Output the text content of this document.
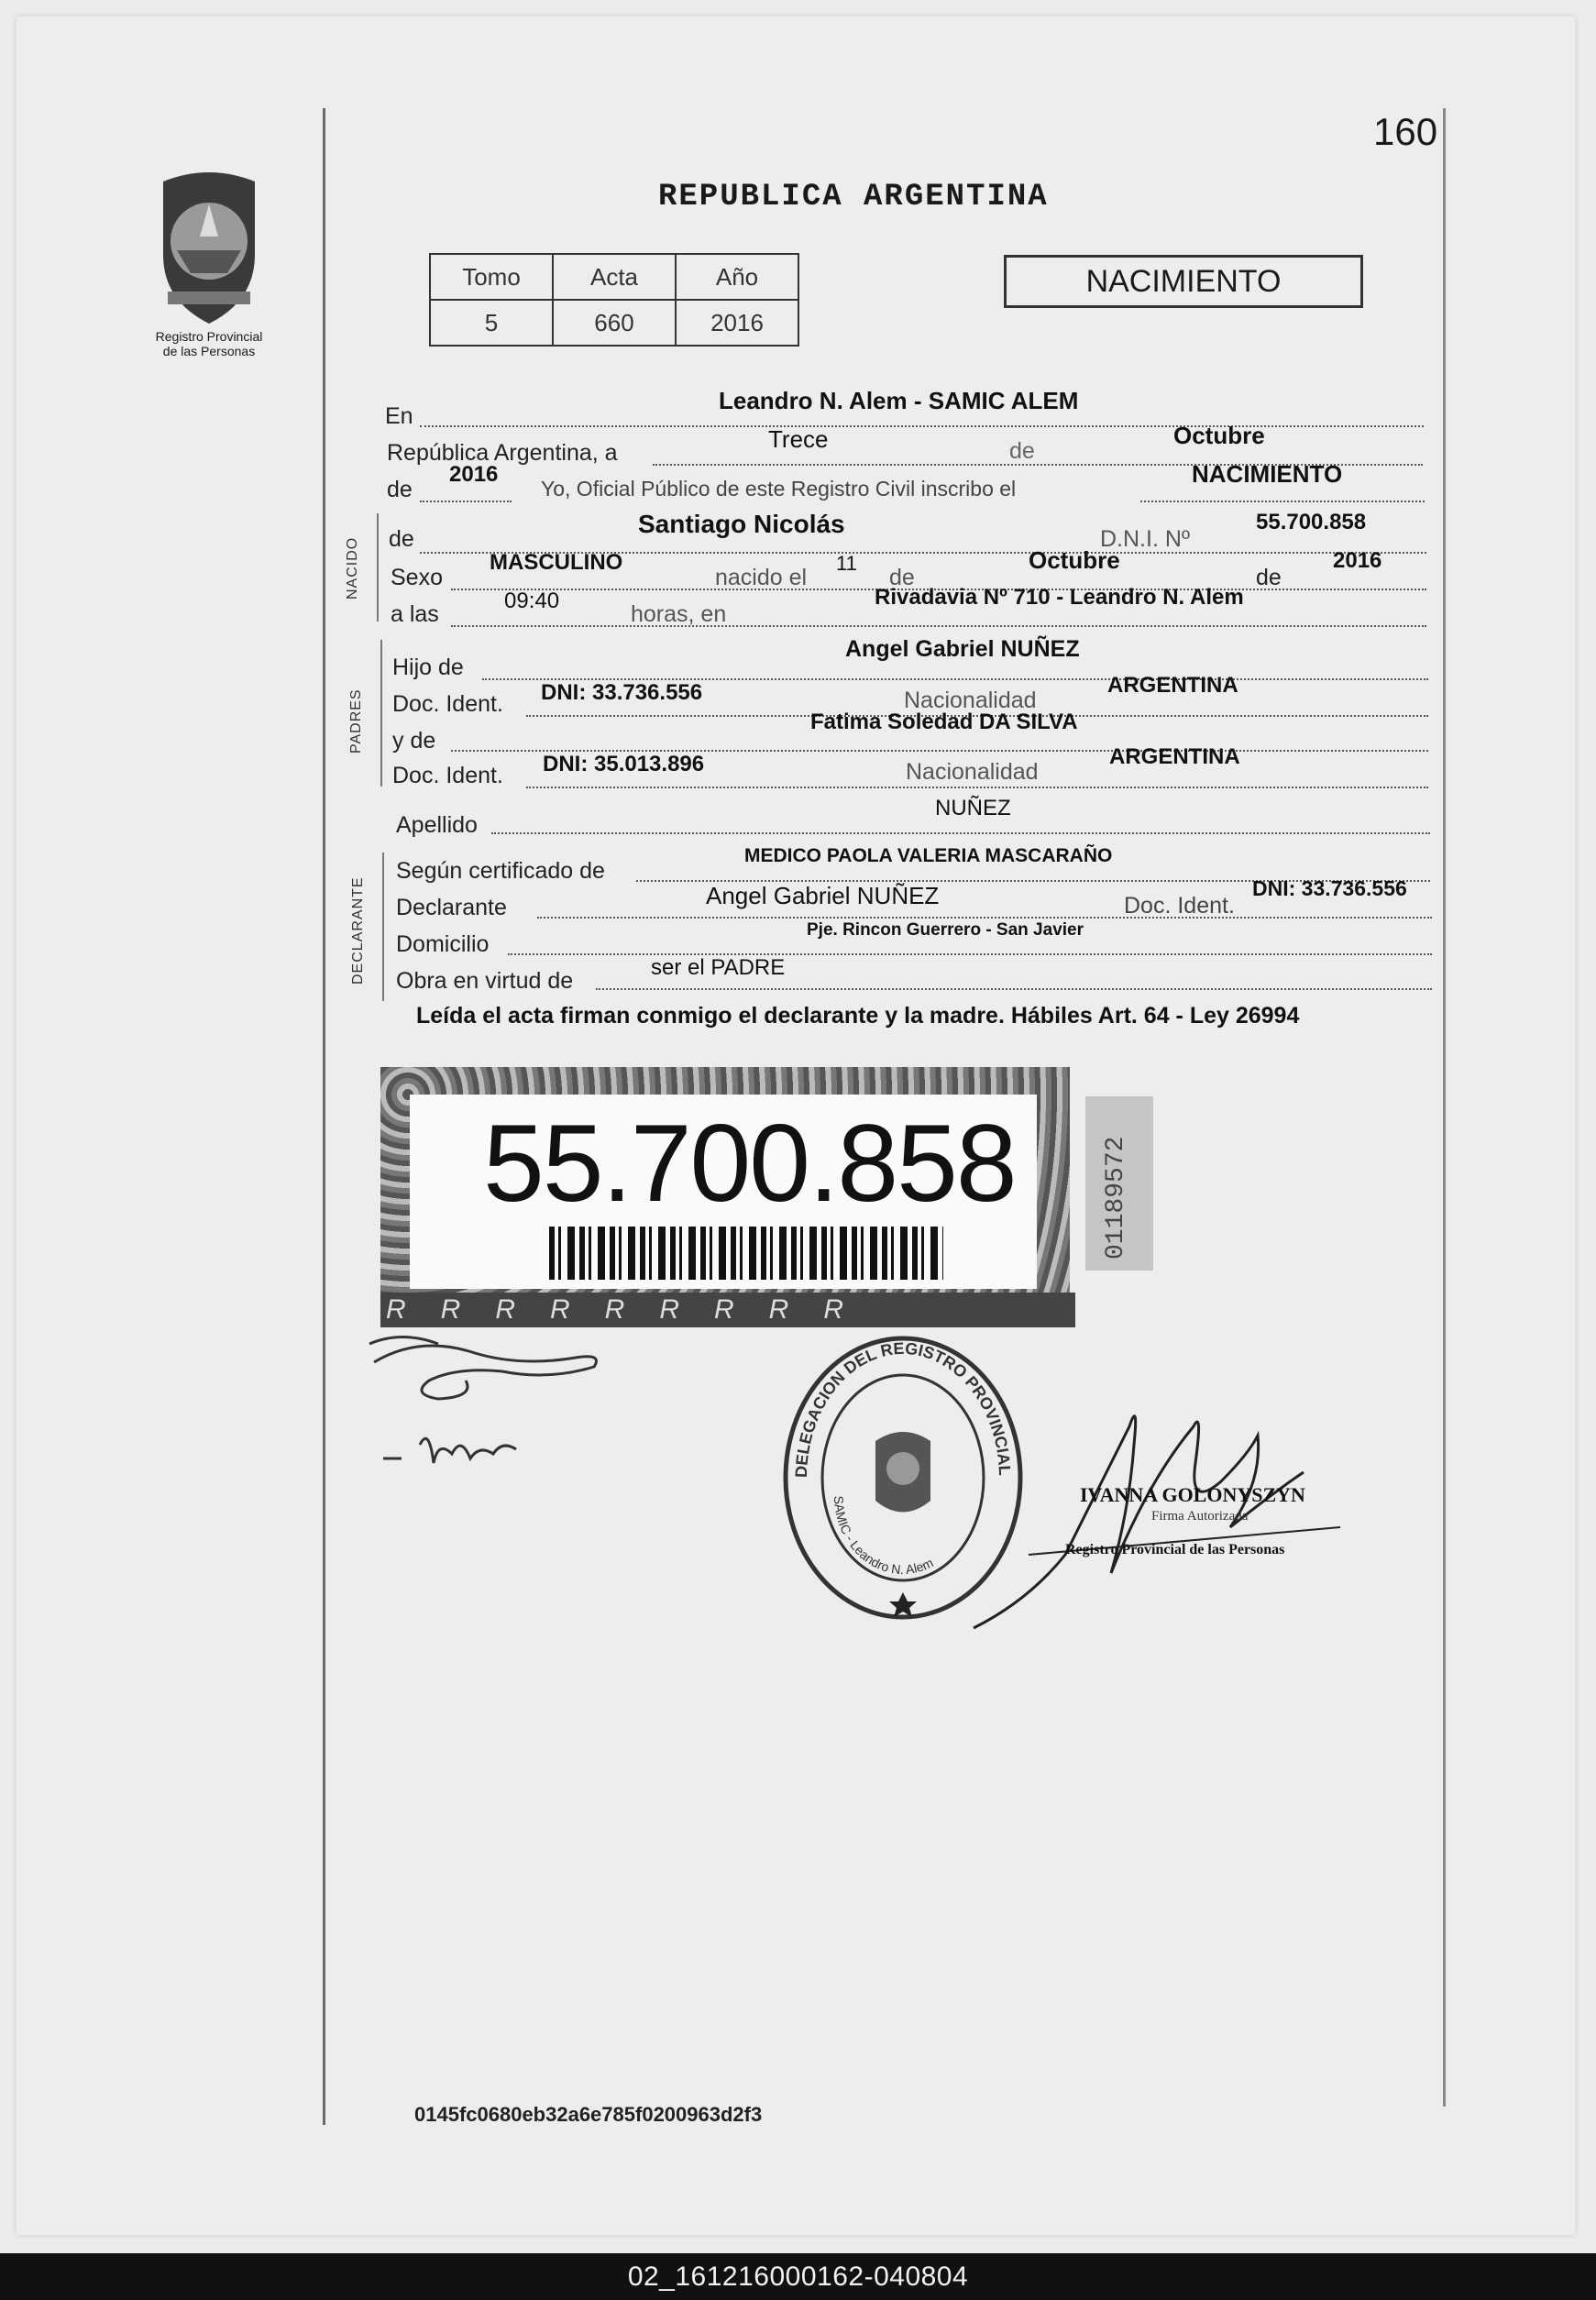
160
Registro Provincial
de las Personas
REPUBLICA ARGENTINA
Tomo	Acta	Año
5	660	2016
NACIMIENTO
En
Leandro N. Alem - SAMIC ALEM
República Argentina, a	Trece	de
Octubre
de
2016
Yo, Oficial Público de este Registro Civil inscribo el
NACIMIENTO
NACIDO de
Santiago Nicolás
D.N.I. Nº
55.700.858
Sexo
MASCULINO
nacido el
11
de
Octubre
de
2016
a las
09:40
horas, en
Rivadavia Nº 710 - Leandro N. Alem
PADRES
Hijo de
Angel Gabriel NUÑEZ
Doc. Ident. DNI: 33.736.556	Nacionalidad
ARGENTINA
y de
Fatima Soledad DA SILVA
Doc. Ident. DNI: 35.013.896	Nacionalidad
ARGENTINA
Apellido
NUÑEZ
DECLARANTE
Según certificado de
MEDICO PAOLA VALERIA MASCARAÑO
Declarante	Angel Gabriel NUÑEZ	Doc. Ident.
DNI: 33.736.556
Domicilio
Pje. Rincon Guerrero - San Javier
Obra en virtud de
ser el PADRE
Leída el acta firman conmigo el declarante y la madre. Hábiles Art. 64 - Ley 26994
55.700.858
RRRRRRRRR
01189572
DELEGACION DEL REGISTRO PROVINCIAL
SAMIC - Leandro N. Alem
IVANNA GOLONYSZYN
Firma Autorizada
Registro Provincial de las Personas
0145fc0680eb32a6e785f0200963d2f3
02_161216000162-040804
